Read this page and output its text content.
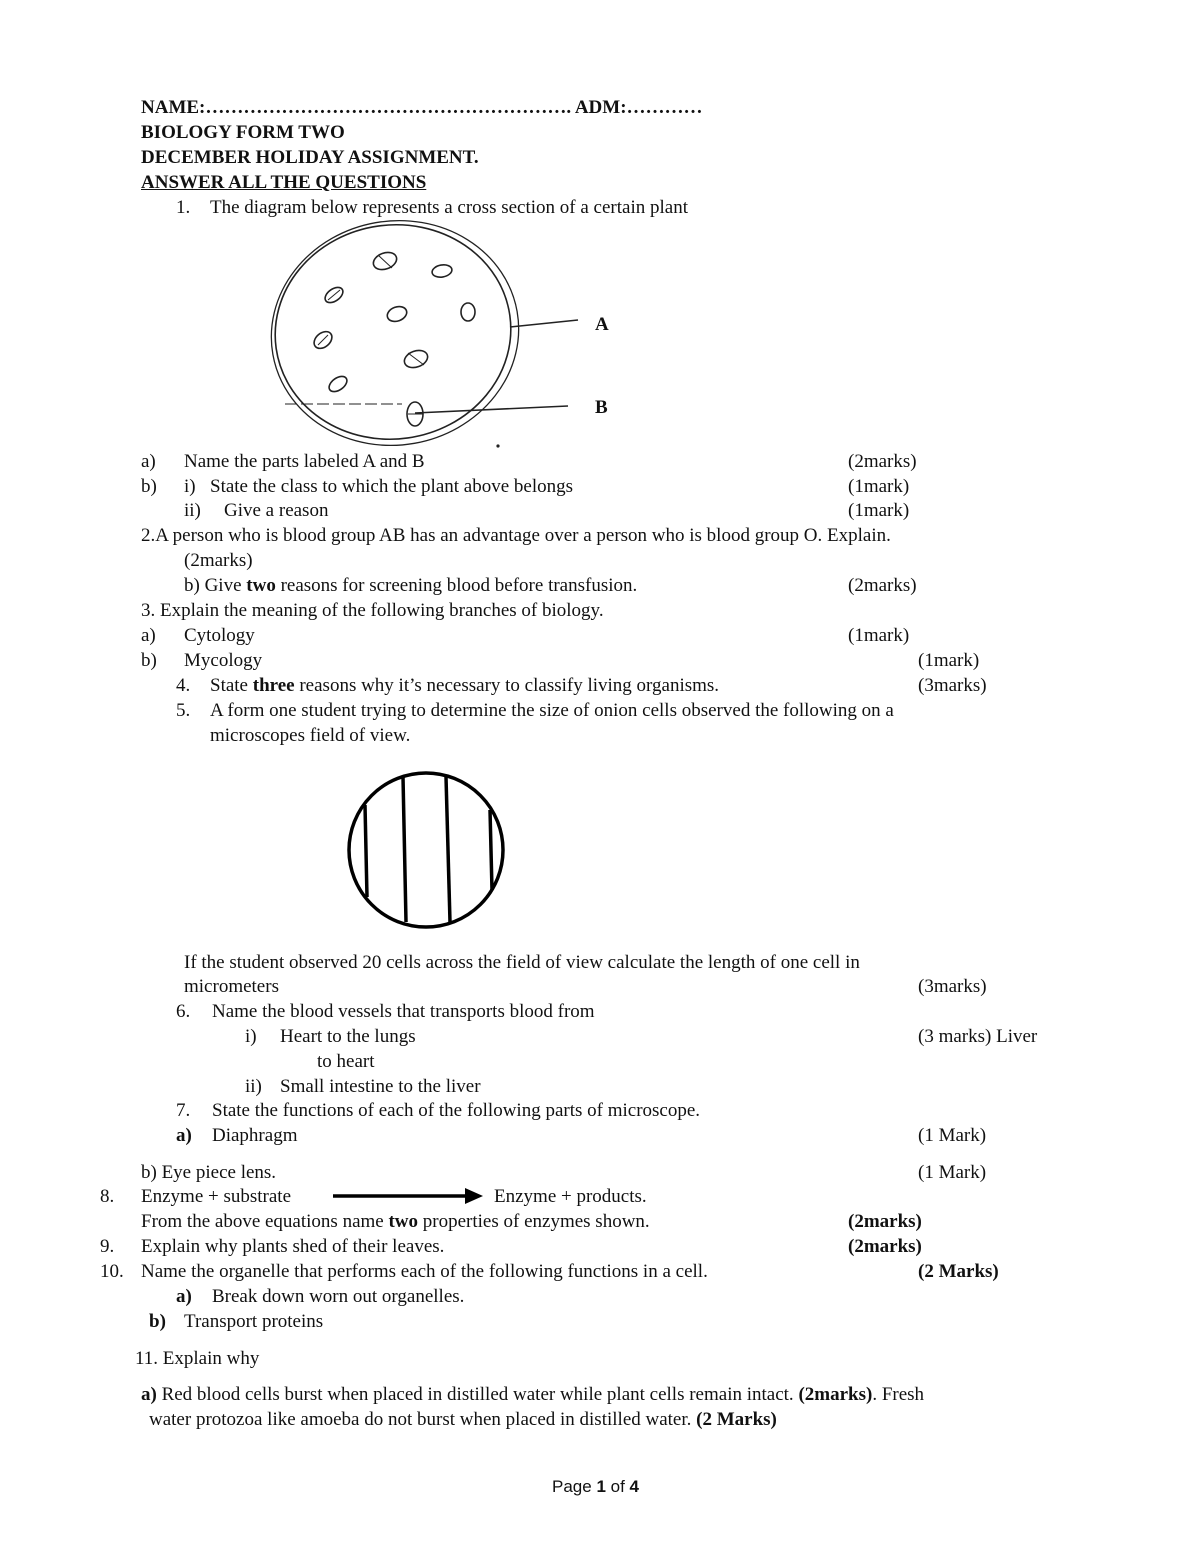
NAME:…………………………………………………. ADM:…………
BIOLOGY FORM TWO
DECEMBER HOLIDAY ASSIGNMENT.
ANSWER ALL THE QUESTIONS
1. The diagram below represents a cross section of a certain plant
A
B
a) Name the parts labeled A and B	(2marks)
b) i) State the class to which the plant above belongs	(1mark)
ii) Give a reason	(1mark)
2.A person who is blood group AB has an advantage over a person who is blood group O. Explain.
(2marks)
b) Give two reasons for screening blood before transfusion.	(2marks)
3. Explain the meaning of the following branches of biology.
a) Cytology	(1mark)
b) Mycology	(1mark)
4. State three reasons why it’s necessary to classify living organisms.	(3marks)
5. A form one student trying to determine the size of onion cells observed the following on a
microscopes field of view.
If the student observed 20 cells across the field of view calculate the length of one cell in
micrometers	(3marks)
6. Name the blood vessels that transports blood from
i) Heart to the lungs	(3 marks) Liver
to heart
ii) Small intestine to the liver
7. State the functions of each of the following parts of microscope.
a) Diaphragm	(1 Mark)
b) Eye piece lens.	(1 Mark)
8. Enzyme + substrate	Enzyme + products.
From the above equations name two properties of enzymes shown.	(2marks)
9. Explain why plants shed of their leaves.	(2marks)
10. Name the organelle that performs each of the following functions in a cell.	(2 Marks)
a) Break down worn out organelles.
b) Transport proteins
11. Explain why
a) Red blood cells burst when placed in distilled water while plant cells remain intact. (2marks). Fresh
water protozoa like amoeba do not burst when placed in distilled water. (2 Marks)
Page 1 of 4
